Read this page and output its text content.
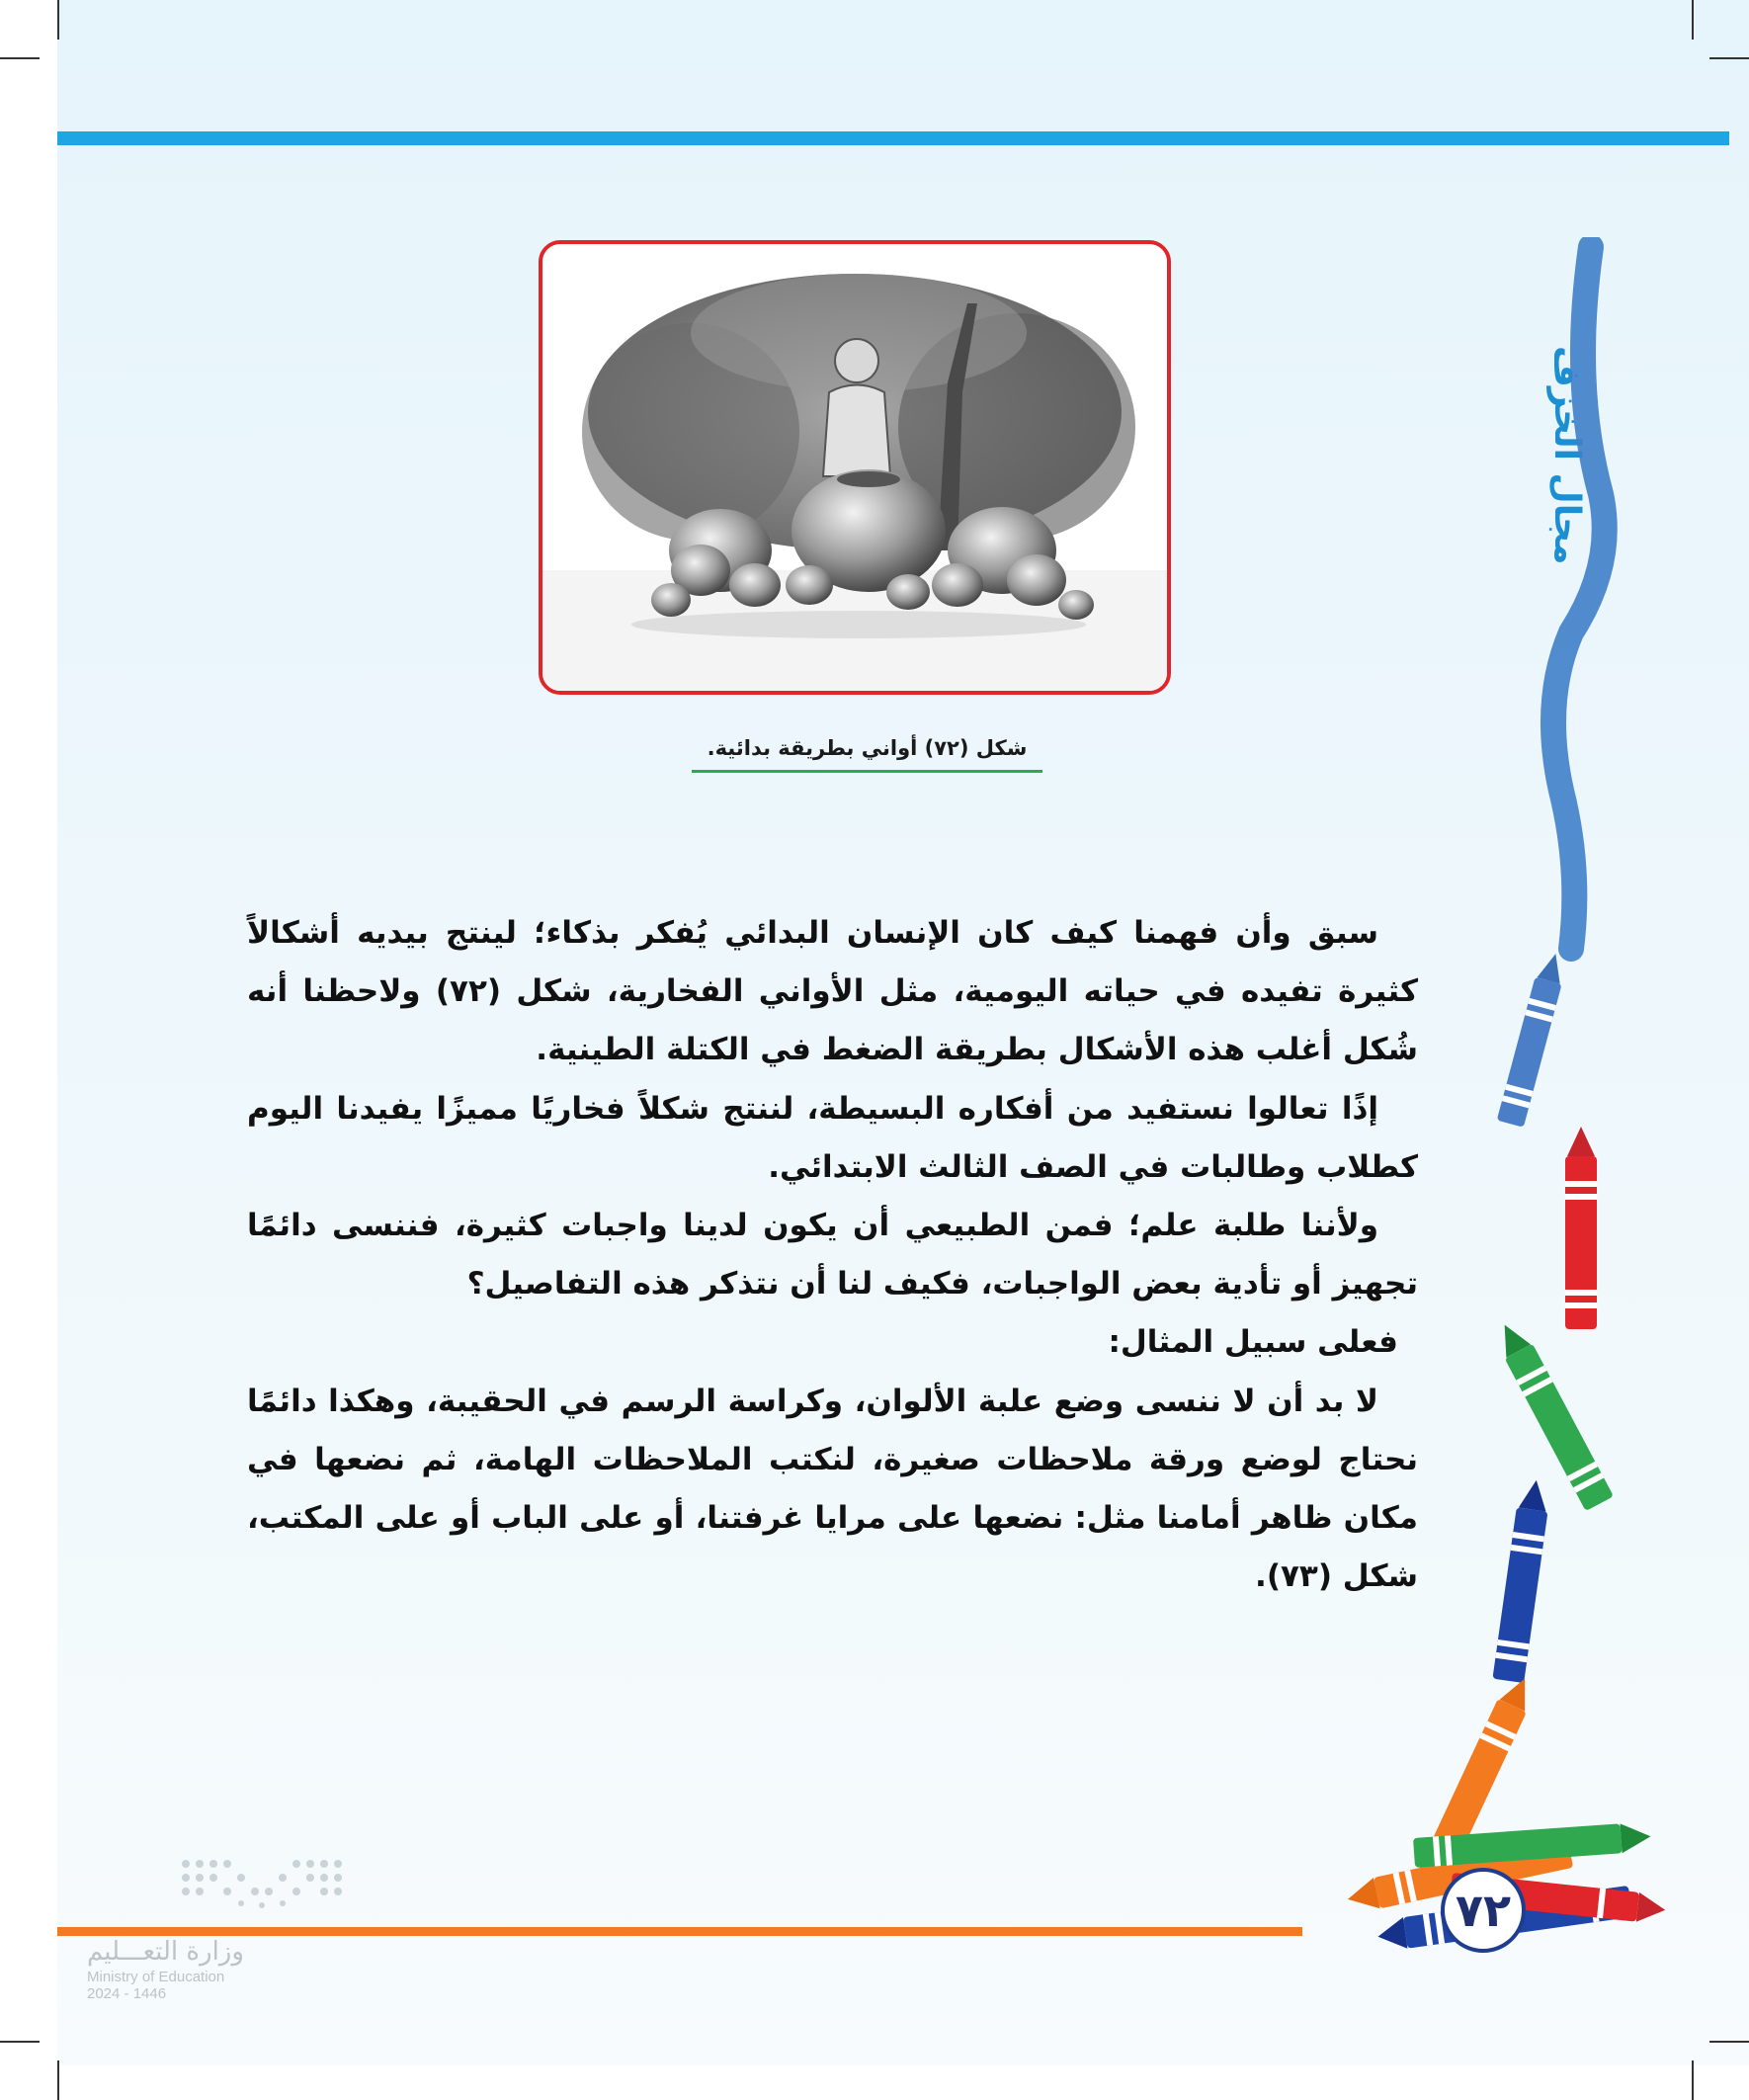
شكل (٧٢) أواني بطريقة بدائية.
مجال الخزف
٧٢

سبق وأن فهمنا كيف كان الإنسان البدائي يُفكر بذكاء؛ لينتج بيديه أشكالاً كثيرة تفيده في حياته اليومية، مثل الأواني الفخارية، شكل (٧٢) ولاحظنا أنه شُكل أغلب هذه الأشكال بطريقة الضغط في الكتلة الطينية.

إذًا تعالوا نستفيد من أفكاره البسيطة، لننتج شكلاً فخاريًا مميزًا يفيدنا اليوم كطلاب وطالبات في الصف الثالث الابتدائي.

ولأننا طلبة علم؛ فمن الطبيعي أن يكون لدينا واجبات كثيرة، فننسى دائمًا تجهيز أو تأدية بعض الواجبات، فكيف لنا أن نتذكر هذه التفاصيل؟

فعلى سبيل المثال:

لا بد أن لا ننسى وضع علبة الألوان، وكراسة الرسم في الحقيبة، وهكذا دائمًا نحتاج لوضع ورقة ملاحظات صغيرة، لنكتب الملاحظات الهامة، ثم نضعها في مكان ظاهر أمامنا مثل: نضعها على مرايا غرفتنا، أو على الباب أو على المكتب، شكل (٧٣).

وزارة التعـــليم
Ministry of Education
2024 - 1446
